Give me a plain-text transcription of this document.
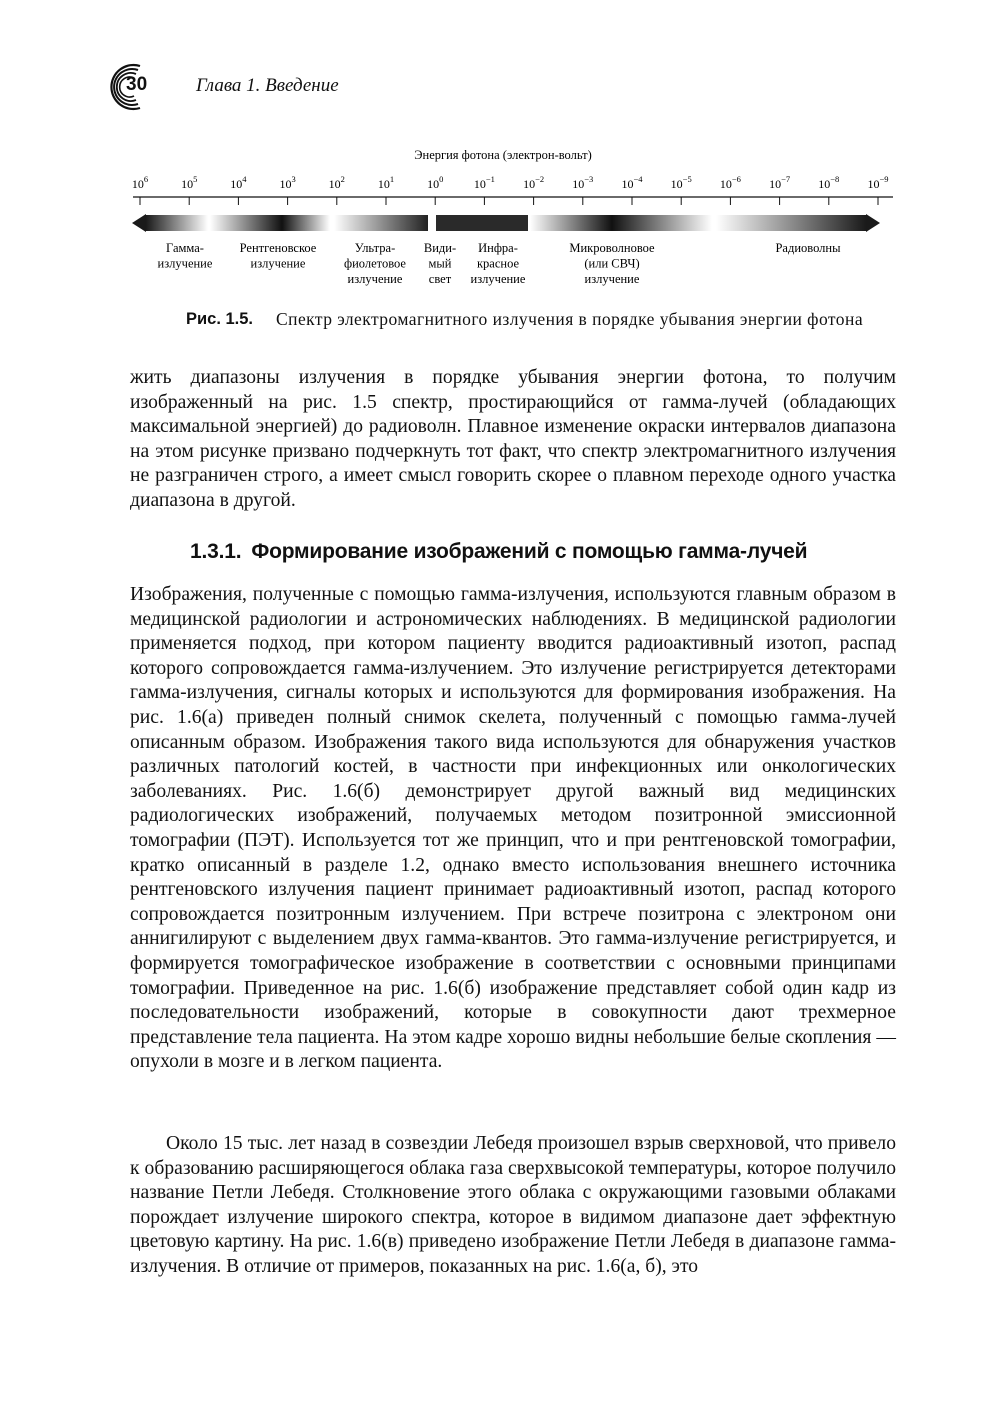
30	Глава 1. Введение
Энергия фотона (электрон-вольт)
$10^6$	$10^5$	$10^4$	$10^3$	$10^2$	$10^1$	$10^0$	$10^{-1}$ $10^{-2}$ $10^{-3}$ $10^{-4}$ $10^{-5}$ $10^{-6}$ $10^{-7}$ $10^{-8}$ $10^{-9}$
Гамма-излучение
Рентгеновское излучение
Ультра-фиолетовое излучение
Види-мый свет
Инфра-красное излучение
Микроволновое (или СВЧ) излучение
Радиоволны
Рис. 1.5.	Спектр электромагнитного излучения в порядке убывания энергии фотона

жить диапазоны излучения в порядке убывания энергии фотона, то получим изображенный на рис. 1.5 спектр, простирающийся от гамма-лучей (обладающих максимальной энергией) до радиоволн. Плавное изменение окраски интервалов диапазона на этом рисунке призвано подчеркнуть тот факт, что спектр электромагнитного излучения не разграничен строго, а имеет смысл говорить скорее о плавном переходе одного участка диапазона в другой.

1.3.1. Формирование изображений с помощью гамма-лучей

Изображения, полученные с помощью гамма-излучения, используются главным образом в медицинской радиологии и астрономических наблюдениях. В медицинской радиологии применяется подход, при котором пациенту вводится радиоактивный изотоп, распад которого сопровождается гамма-излучением. Это излучение регистрируется детекторами гамма-излучения, сигналы которых и используются для формирования изображения. На рис. 1.6(а) приведен полный снимок скелета, полученный с помощью гамма-лучей описанным образом. Изображения такого вида используются для обнаружения участков различных патологий костей, в частности при инфекционных или онкологических заболеваниях. Рис. 1.6(б) демонстрирует другой важный вид медицинских радиологических изображений, получаемых методом позитронной эмиссионной томографии (ПЭТ). Используется тот же принцип, что и при рентгеновской томографии, кратко описанный в разделе 1.2, однако вместо использования внешнего источника рентгеновского излучения пациент принимает радиоактивный изотоп, распад которого сопровождается позитронным излучением. При встрече позитрона с электроном они аннигилируют с выделением двух гамма-квантов. Это гамма-излучение регистрируется, и формируется томографическое изображение в соответствии с основными принципами томографии. Приведенное на рис. 1.6(б) изображение представляет собой один кадр из последовательности изображений, которые в совокупности дают трехмерное представление тела пациента. На этом кадре хорошо видны небольшие белые скопления — опухоли в мозге и в легком пациента.

Около 15 тыс. лет назад в созвездии Лебедя произошел взрыв сверхновой, что привело к образованию расширяющегося облака газа сверхвысокой температуры, которое получило название Петли Лебедя. Столкновение этого облака с окружающими газовыми облаками порождает излучение широкого спектра, которое в видимом диапазоне дает эффектную цветовую картину. На рис. 1.6(в) приведено изображение Петли Лебедя в диапазоне гамма-излучения. В отличие от примеров, показанных на рис. 1.6(а, б), это
